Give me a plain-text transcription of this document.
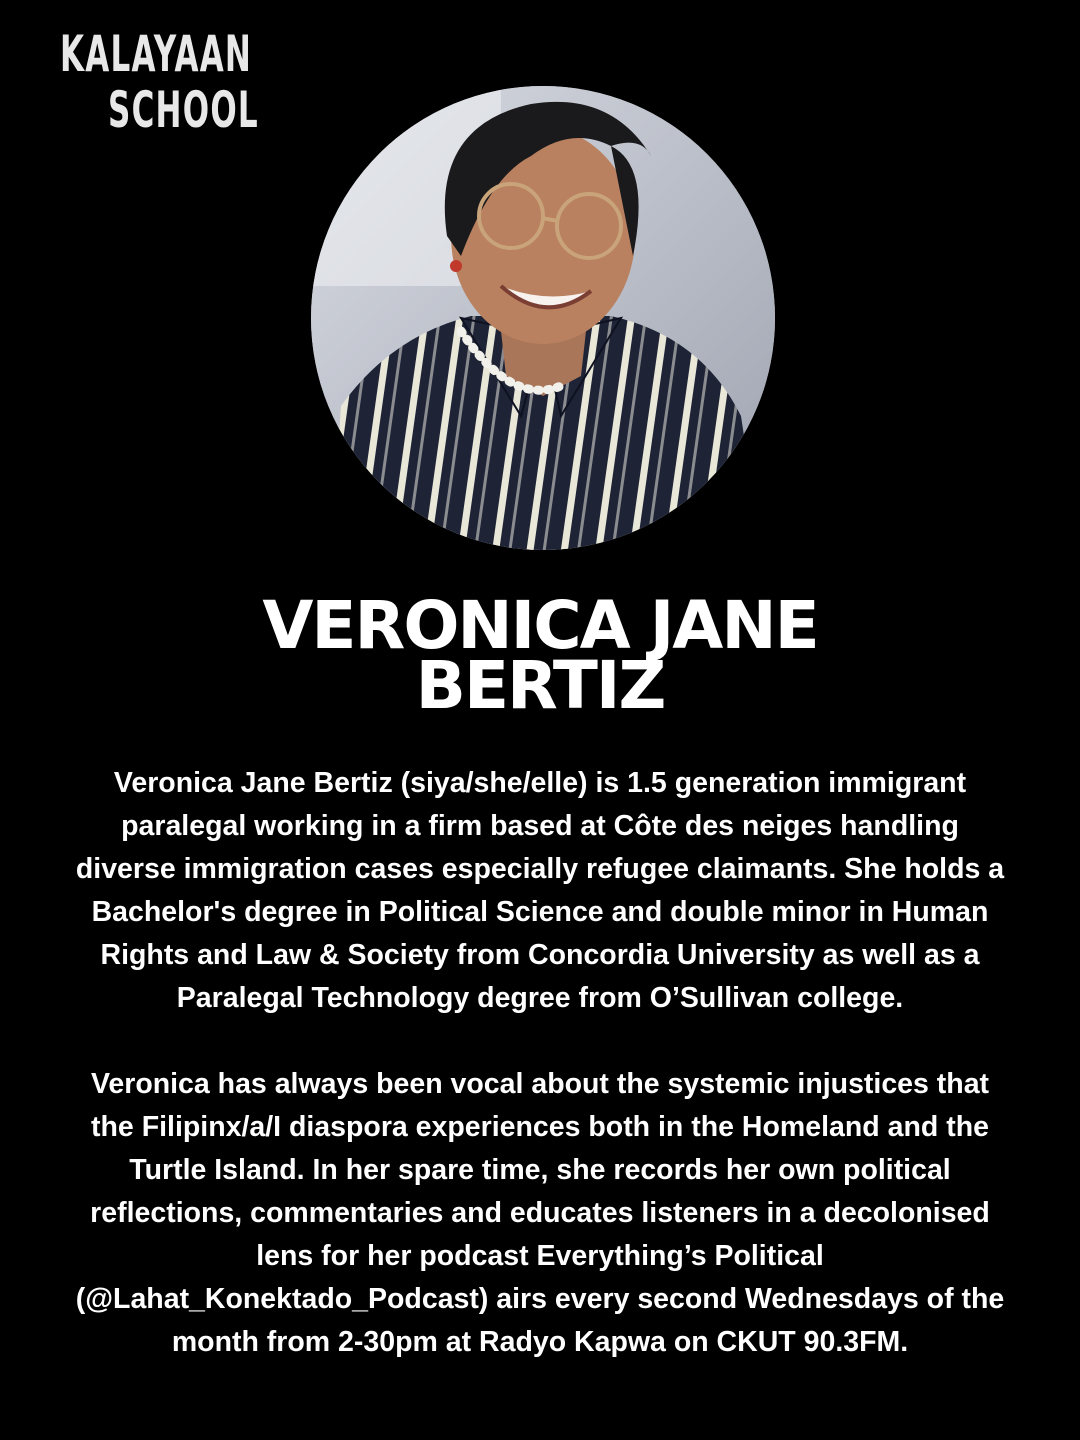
KALAYAAN
SCHOOL
VERONICA JANE
BERTIZ

Veronica Jane Bertiz (siya/she/elle) is 1.5 generation immigrant paralegal working in a firm based at Côte des neiges handling diverse immigration cases especially refugee claimants. She holds a Bachelor's degree in Political Science and double minor in Human Rights and Law & Society from Concordia University as well as a Paralegal Technology degree from O’Sullivan college.

Veronica has always been vocal about the systemic injustices that the Filipinx/a/I diaspora experiences both in the Homeland and the Turtle Island. In her spare time, she records her own political reflections, commentaries and educates listeners in a decolonised lens for her podcast Everything’s Political (@Lahat_Konektado_Podcast) airs every second Wednesdays of the month from 2-30pm at Radyo Kapwa on CKUT 90.3FM.
